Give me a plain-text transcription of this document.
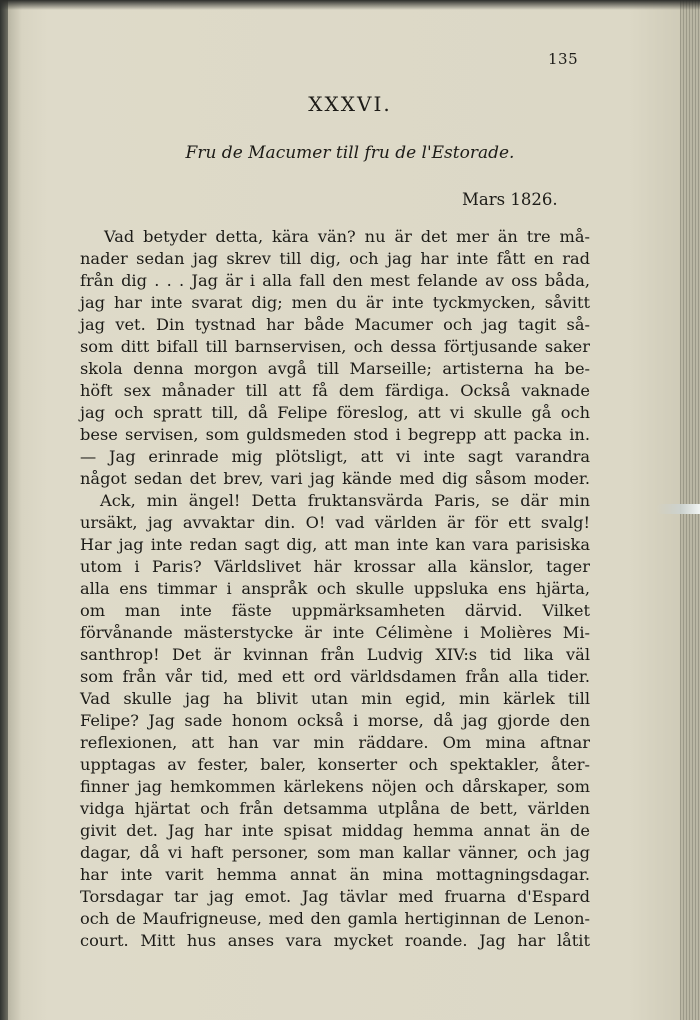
135
XXXVI.
Fru de Macumer till fru de l'Estorade.
Mars 1826.
Vad betyder detta, kära vän? nu är det mer än tre må-
nader sedan jag skrev till dig, och jag har inte fått en rad
från dig . . . Jag är i alla fall den mest felande av oss båda,
jag har inte svarat dig; men du är inte tyckmycken, såvitt
jag vet. Din tystnad har både Macumer och jag tagit så-
som ditt bifall till barnservisen, och dessa förtjusande saker
skola denna morgon avgå till Marseille; artisterna ha be-
höft sex månader till att få dem färdiga. Också vaknade
jag och spratt till, då Felipe föreslog, att vi skulle gå och
bese servisen, som guldsmeden stod i begrepp att packa in.
— Jag erinrade mig plötsligt, att vi inte sagt varandra
något sedan det brev, vari jag kände med dig såsom moder.
Ack, min ängel! Detta fruktansvärda Paris, se där min
ursäkt, jag avvaktar din. O! vad världen är för ett svalg!
Har jag inte redan sagt dig, att man inte kan vara parisiska
utom i Paris? Världslivet här krossar alla känslor, tager
alla ens timmar i anspråk och skulle uppsluka ens hjärta,
om man inte fäste uppmärksamheten därvid. Vilket
förvånande mästerstycke är inte Célimène i Molières Mi-
santhrop! Det är kvinnan från Ludvig XIV:s tid lika väl
som från vår tid, med ett ord världsdamen från alla tider.
Vad skulle jag ha blivit utan min egid, min kärlek till
Felipe? Jag sade honom också i morse, då jag gjorde den
reflexionen, att han var min räddare. Om mina aftnar
upptagas av fester, baler, konserter och spektakler, åter-
finner jag hemkommen kärlekens nöjen och dårskaper, som
vidga hjärtat och från detsamma utplåna de bett, världen
givit det. Jag har inte spisat middag hemma annat än de
dagar, då vi haft personer, som man kallar vänner, och jag
har inte varit hemma annat än mina mottagningsdagar.
Torsdagar tar jag emot. Jag tävlar med fruarna d'Espard
och de Maufrigneuse, med den gamla hertiginnan de Lenon-
court. Mitt hus anses vara mycket roande. Jag har låtit
